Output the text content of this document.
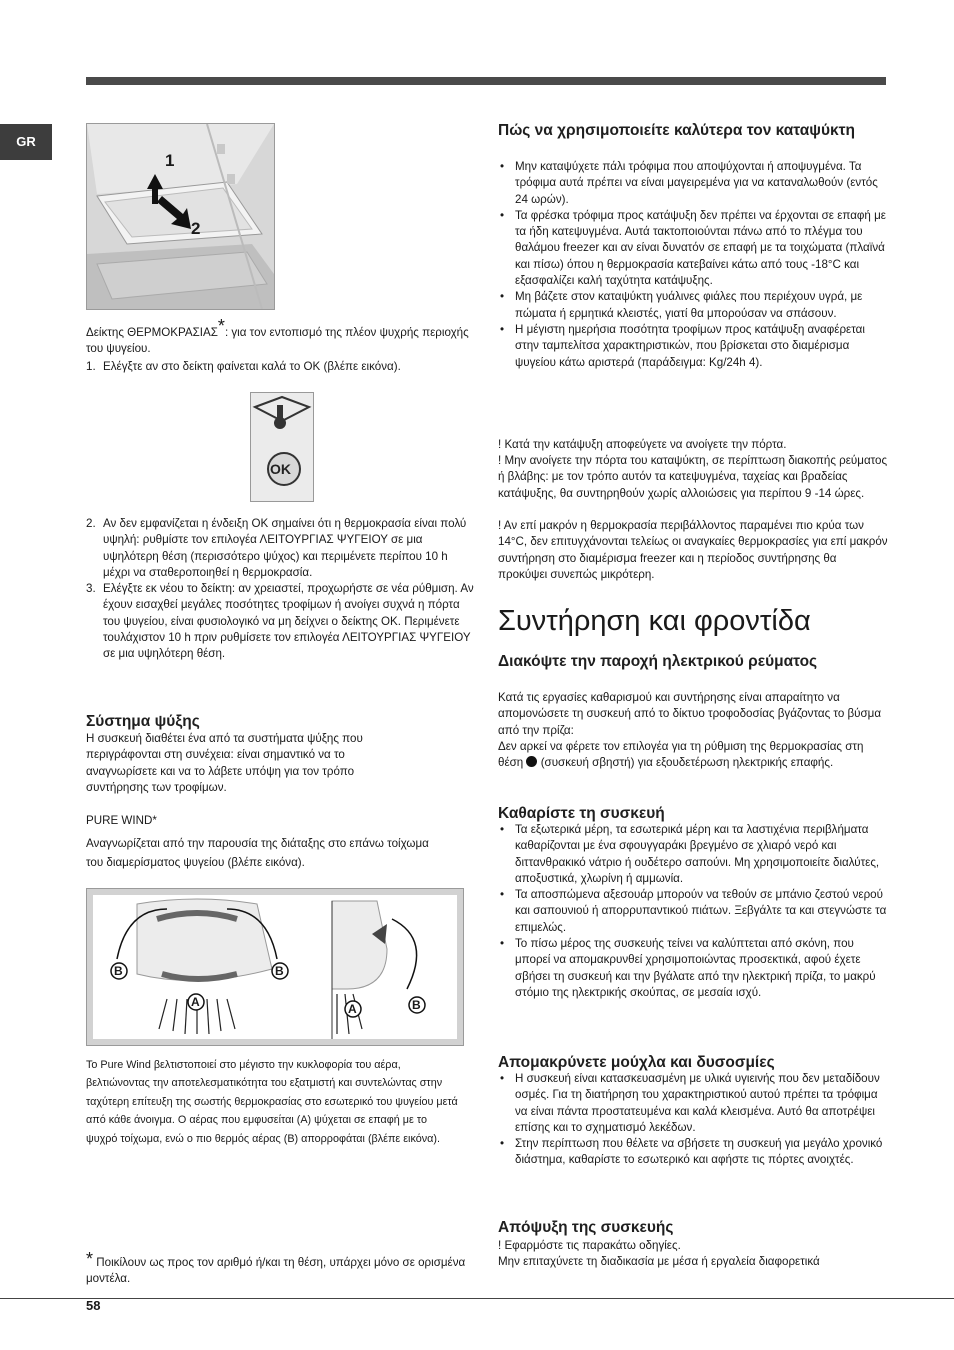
GR
1
2

Δείκτης ΘΕΡΜΟΚΡΑΣΙΑΣ*: για τον εντοπισμό της πλέον ψυχρής περιοχής του ψυγείου.

1. Ελέγξτε αν στο δείκτη φαίνεται καλά το OK (βλέπε εικόνα).
OK
2. Αν δεν εμφανίζεται η ένδειξη OK σημαίνει ότι η θερμοκρασία είναι πολύ υψηλή: ρυθμίστε τον επιλογέα ΛΕΙΤΟΥΡΓΙΑΣ ΨΥΓΕΙΟΥ σε μια υψηλότερη θέση (περισσότερο ψύχος) και περιμένετε περίπου 10 h μέχρι να σταθεροποιηθεί η θερμοκρασία.
3. Ελέγξτε εκ νέου το δείκτη: αν χρειαστεί, προχωρήστε σε νέα ρύθμιση. Αν έχουν εισαχθεί μεγάλες ποσότητες τροφίμων ή ανοίγει συχνά η πόρτα του ψυγείου, είναι φυσιολογικό να μη δείχνει ο δείκτης OK. Περιμένετε τουλάχιστον 10 h πριν ρυθμίσετε τον επιλογέα ΛΕΙΤΟΥΡΓΙΑΣ ΨΥΓΕΙΟΥ σε μια υψηλότερη θέση.
Σύστημα ψύξης

Η συσκευή διαθέτει ένα από τα συστήματα ψύξης που περιγράφονται στη συνέχεια: είναι σημαντικό να το αναγνωρίσετε και να το λάβετε υπόψη για τον τρόπο συντήρησης των τροφίμων.

PURE WIND*

Αναγνωρίζεται από την παρουσία της διάταξης στο επάνω τοίχωμα του διαμερίσματος ψυγείου (βλέπε εικόνα).

B	B
A	A	B

Το Pure Wind βελτιστοποιεί στο μέγιστο την κυκλοφορία του αέρα, βελτιώνοντας την αποτελεσματικότητα του εξατμιστή και συντελώντας στην ταχύτερη επίτευξη της σωστής θερμοκρασίας στο εσωτερικό του ψυγείου μετά από κάθε άνοιγμα. Ο αέρας που εμφυσείται (Α) ψύχεται σε επαφή με το ψυχρό τοίχωμα, ενώ ο πιο θερμός αέρας (Β) απορροφάται (βλέπε εικόνα).

* Ποικίλουν ως προς τον αριθμό ή/και τη θέση, υπάρχει μόνο σε ορισμένα μοντέλα.

Πώς να χρησιμοποιείτε καλύτερα τον καταψύκτη
• Μην καταψύχετε πάλι τρόφιμα που αποψύχονται ή αποψυγμένα. Τα τρόφιμα αυτά πρέπει να είναι μαγειρεμένα για να καταναλωθούν (εντός 24 ωρών).
• Τα φρέσκα τρόφιμα προς κατάψυξη δεν πρέπει να έρχονται σε επαφή με τα ήδη κατεψυγμένα. Αυτά τακτοποιούνται πάνω από το πλέγμα του θαλάμου freezer και αν είναι δυνατόν σε επαφή με τα τοιχώματα (πλαϊνά και πίσω) όπου η θερμοκρασία κατεβαίνει κάτω από τους -18°C και εξασφαλίζει καλή ταχύτητα κατάψυξης.
• Μη βάζετε στον καταψύκτη γυάλινες φιάλες που περιέχουν υγρά, με πώματα ή ερμητικά κλειστές, γιατί θα μπορούσαν να σπάσουν.
• Η μέγιστη ημερήσια ποσότητα τροφίμων προς κατάψυξη αναφέρεται στην ταμπελίτσα χαρακτηριστικών, που βρίσκεται στο διαμέρισμα ψυγείου κάτω αριστερά (παράδειγμα: Kg/24h 4).

! Κατά την κατάψυξη αποφεύγετε να ανοίγετε την πόρτα.

! Μην ανοίγετε την πόρτα του καταψύκτη, σε περίπτωση διακοπής ρεύματος ή βλάβης: με τον τρόπο αυτόν τα κατεψυγμένα, ταχείας και βραδείας κατάψυξης, θα συντηρηθούν χωρίς αλλοιώσεις για περίπου 9 -14 ώρες.

! Αν επί μακρόν η θερμοκρασία περιβάλλοντος παραμένει πιο κρύα των 14°C, δεν επιτυγχάνονται τελείως οι αναγκαίες θερμοκρασίες για επί μακρόν συντήρηση στο διαμέρισμα freezer και η περίοδος συντήρησης θα προκύψει συνεπώς μικρότερη.

Συντήρηση και φροντίδα
Διακόψτε την παροχή ηλεκτρικού ρεύματος

Κατά τις εργασίες καθαρισμού και συντήρησης είναι απαραίτητο να απομονώσετε τη συσκευή από το δίκτυο τροφοδοσίας βγάζοντας το βύσμα από την πρίζα:

Δεν αρκεί να φέρετε τον επιλογέα για τη ρύθμιση της θερμοκρασίας στη θέση  (συσκευή σβηστή) για εξουδετέρωση ηλεκτρικής επαφής.

Καθαρίστε τη συσκευή
• Τα εξωτερικά μέρη, τα εσωτερικά μέρη και τα λαστιχένια περιβλήματα καθαρίζονται με ένα σφουγγαράκι βρεγμένο σε χλιαρό νερό και διττανθρακικό νάτριο ή ουδέτερο σαπούνι. Μη χρησιμοποιείτε διαλύτες, αποξυστικά, χλωρίνη ή αμμωνία.
• Τα αποσπώμενα αξεσουάρ μπορούν να τεθούν σε μπάνιο ζεστού νερού και σαπουνιού ή απορρυπαντικού πιάτων. Ξεβγάλτε τα και στεγνώστε τα επιμελώς.
• Το πίσω μέρος της συσκευής τείνει να καλύπτεται από σκόνη, που μπορεί να απομακρυνθεί χρησιμοποιώντας προσεκτικά, αφού έχετε σβήσει τη συσκευή και την βγάλατε από την ηλεκτρική πρίζα, το μακρύ στόμιο της ηλεκτρικής σκούπας, σε μεσαία ισχύ.
Απομακρύνετε μούχλα και δυσοσμίες
• Η συσκευή είναι κατασκευασμένη με υλικά υγιεινής που δεν μεταδίδουν οσμές. Για τη διατήρηση του χαρακτηριστικού αυτού πρέπει τα τρόφιμα να είναι πάντα προστατευμένα και καλά κλεισμένα. Αυτό θα αποτρέψει επίσης και το σχηματισμό λεκέδων.
• Στην περίπτωση που θέλετε να σβήσετε τη συσκευή για μεγάλο χρονικό διάστημα, καθαρίστε το εσωτερικό και αφήστε τις πόρτες ανοιχτές.
Απόψυξη της συσκευής

! Εφαρμόστε τις παρακάτω οδηγίες.

Μην επιταχύνετε τη διαδικασία με μέσα ή εργαλεία διαφορετικά

58
